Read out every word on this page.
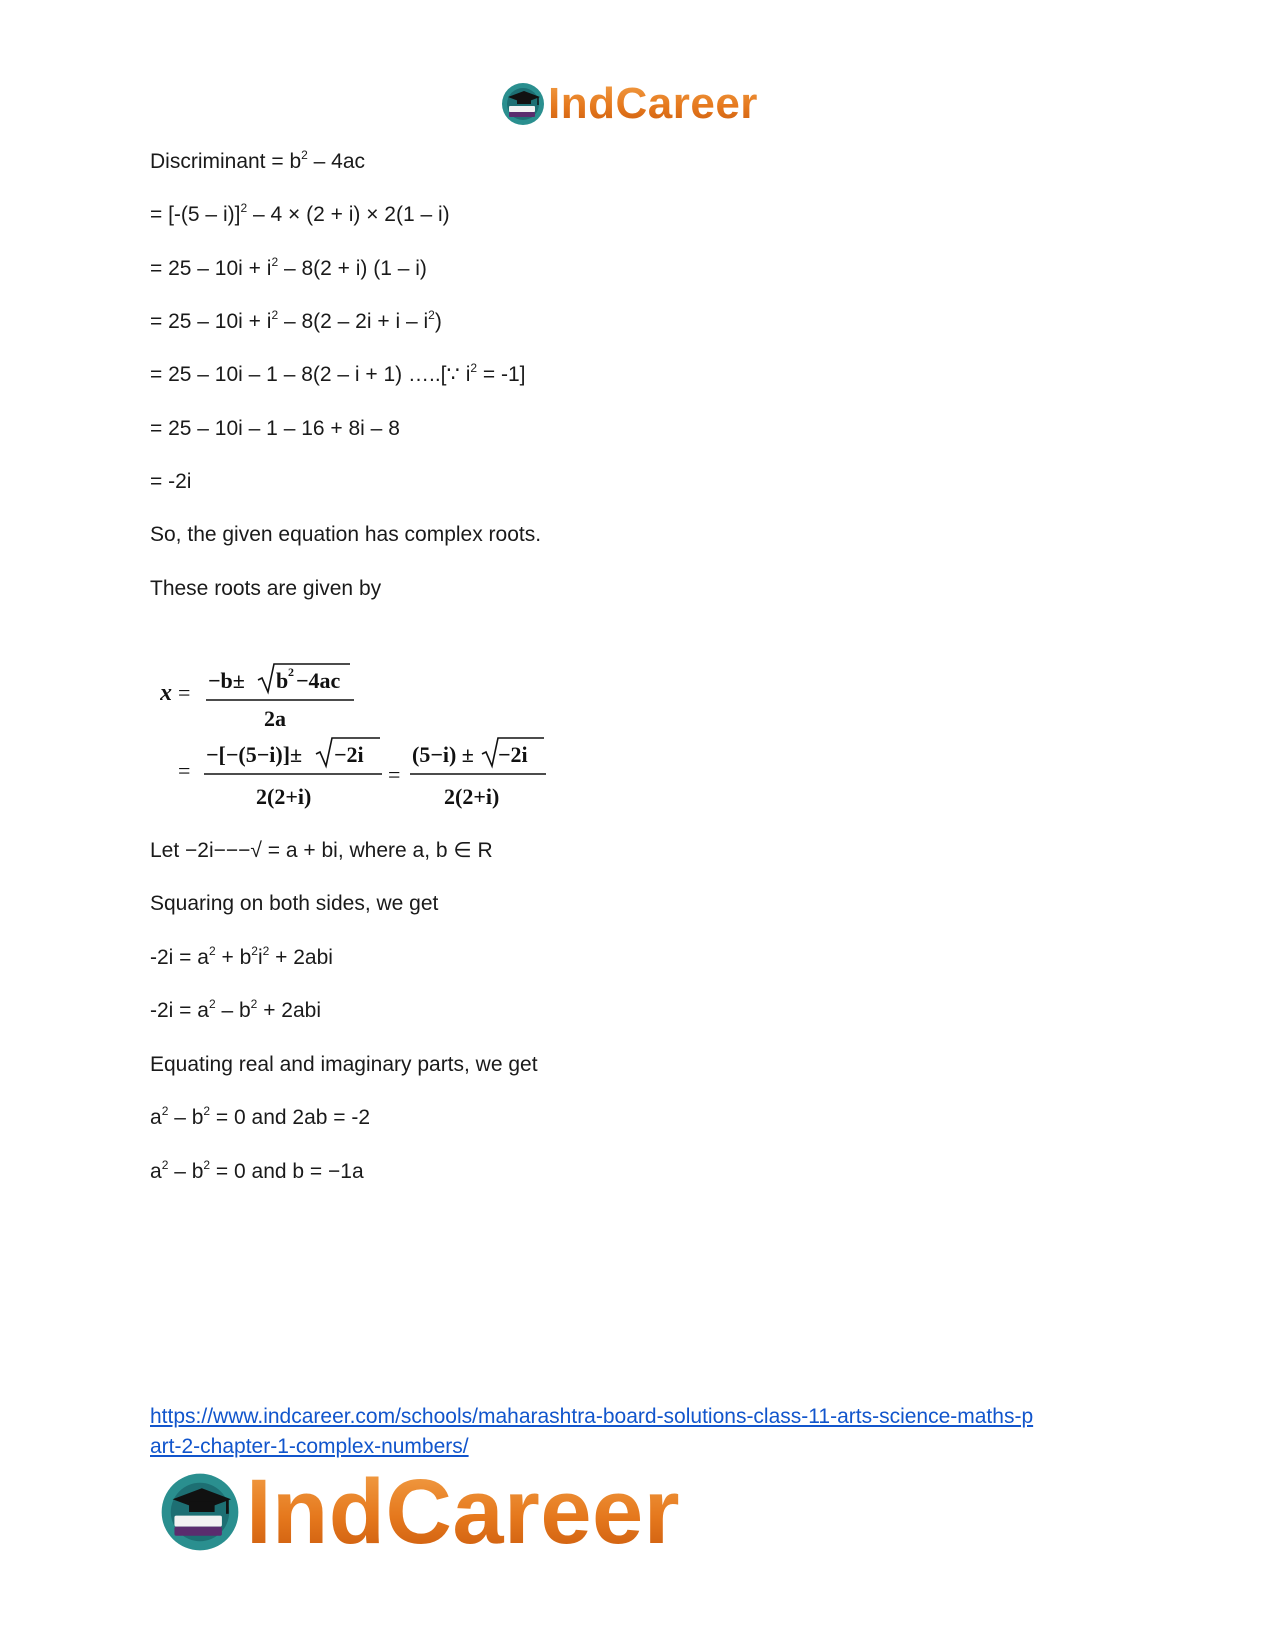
IndCareer
Discriminant = $b^2 - 4ac$
= [-(5 – i)]$^2$ – 4 × (2 + i) × 2(1 – i)
= $25 - 10i + i^2 - 8(2 + i)$ (1 – i)
= $25 - 10i + i^2 - 8(2 - 2i + i - i^2)$
= 25 – 10i – 1 – 8(2 – i + 1) …..[∵ $i^2 = -1$]
= 25 – 10i – 1 – 16 + 8i – 8
= -2i
So, the given equation has complex roots.
These roots are given by
x = −b± b 2 −4ac
2a
=
−[−(5−i)]± −2i
2(2+i)
=
(5−i) ± −2i
2(2+i)
Let −2i−−−√ = a + bi, where a, b ∈ R
Squaring on both sides, we get
$-2i = a^2 + b^2i^2 + 2abi$
$-2i = a^2 - b^2 + 2abi$
Equating real and imaginary parts, we get
$a^2 - b^2 = 0$ and 2ab = -2
$a^2 - b^2 = 0$ and b = −1a
https://www.indcareer.com/schools/maharashtra-board-solutions-class-11-arts-science-maths-p
art-2-chapter-1-complex-numbers/
IndCareer
